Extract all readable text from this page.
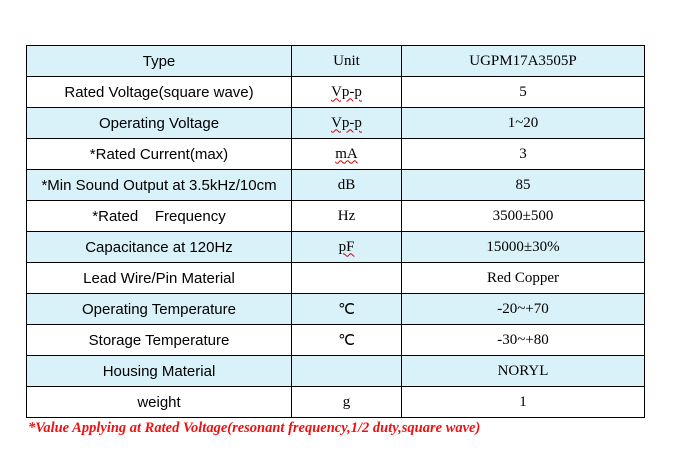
Type	Unit	UGPM17A3505P
Rated Voltage(square wave)	Vp-p	5
Operating Voltage	Vp-p	1~20
*Rated Current(max)	mA	3
*Min Sound Output at 3.5kHz/10cm	dB	85
*Rated    Frequency	Hz	3500±500
Capacitance at 120Hz	pF	15000±30%
Lead Wire/Pin Material		Red Copper
Operating Temperature	℃	-20~+70
Storage Temperature	℃	-30~+80
Housing Material		NORYL
weight	g	1

*Value Applying at Rated Voltage(resonant frequency,1/2 duty,square wave)
